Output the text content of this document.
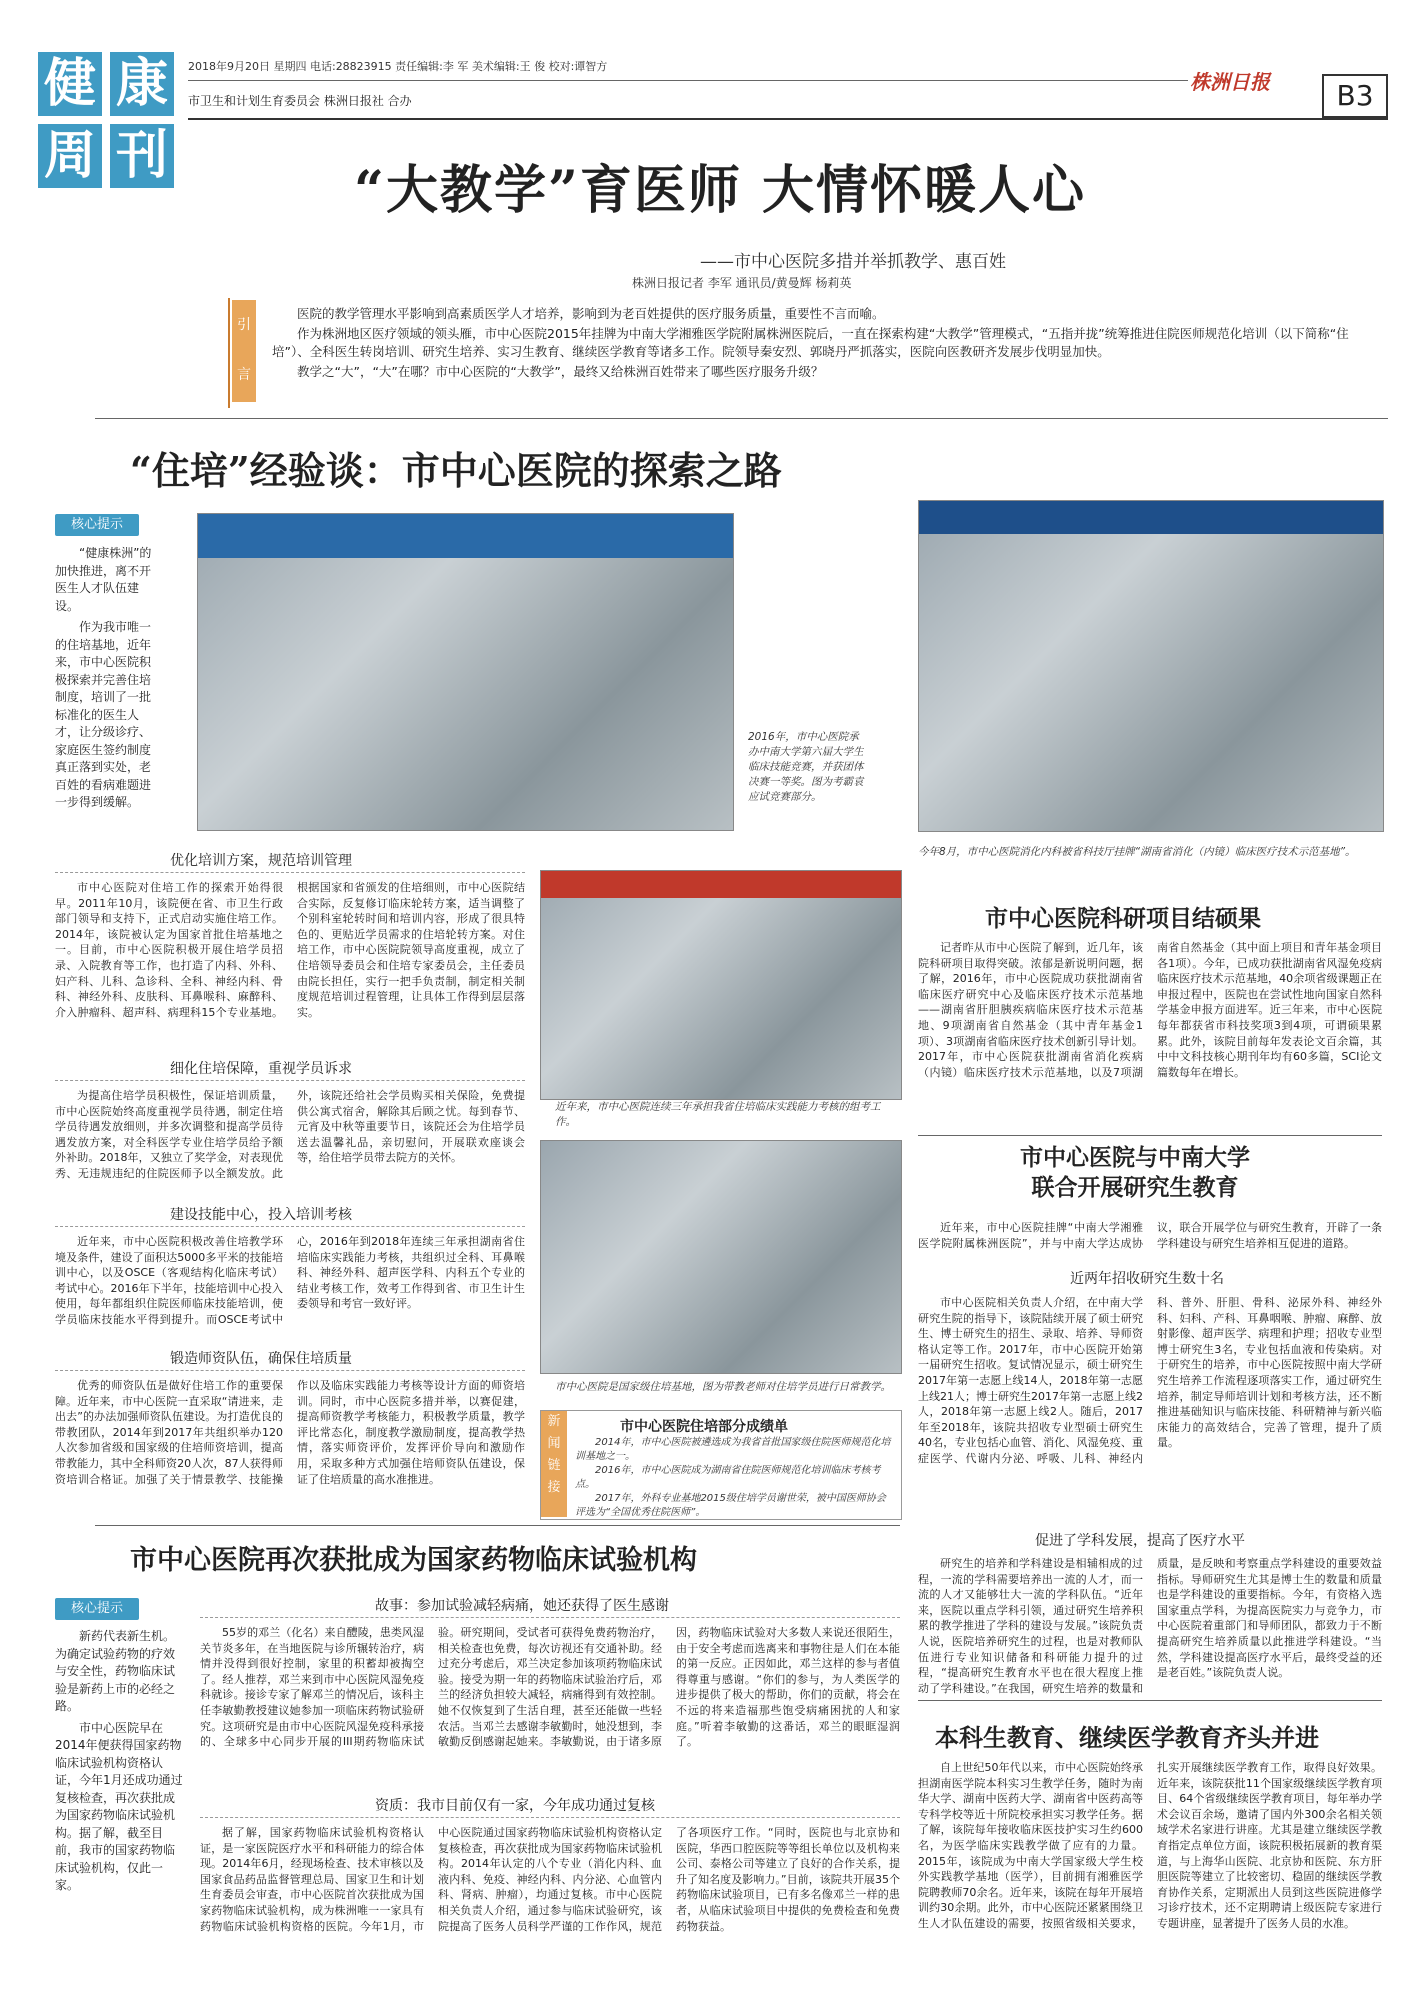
健 康
周 刊
2018年9月20日 星期四 电话:28823915 责任编辑:李 军 美术编辑:王 俊 校对:谭智方
市卫生和计划生育委员会 株洲日报社 合办
株洲日报	B3
“大教学”育医师 大情怀暖人心
——市中心医院多措并举抓教学、惠百姓
株洲日报记者 李军 通讯员/黄曼辉 杨莉英
引
言

医院的教学管理水平影响到高素质医学人才培养，影响到为老百姓提供的医疗服务质量，重要性不言而喻。

作为株洲地区医疗领域的领头雁，市中心医院2015年挂牌为中南大学湘雅医学院附属株洲医院后，一直在探索构建“大教学”管理模式，“五指并拢”统筹推进住院医师规范化培训（以下简称“住培”）、全科医生转岗培训、研究生培养、实习生教育、继续医学教育等诸多工作。院领导秦安烈、郭晓丹严抓落实，医院向医教研齐发展步伐明显加快。

教学之“大”，“大”在哪？市中心医院的“大教学”，最终又给株洲百姓带来了哪些医疗服务升级？

“住培”经验谈：市中心医院的探索之路
核心提示

“健康株洲”的加快推进，离不开医生人才队伍建设。

作为我市唯一的住培基地，近年来，市中心医院积极探索并完善住培制度，培训了一批标准化的医生人才，让分级诊疗、家庭医生签约制度真正落到实处，老百姓的看病难题进一步得到缓解。

2016年，市中心医院承办中南大学第六届大学生临床技能竞赛，并获团体决赛一等奖。图为考霸袁应试竞赛部分。
今年8月，市中心医院消化内科被省科技厅挂牌“湖南省消化（内镜）临床医疗技术示范基地”。
优化培训方案，规范培训管理

市中心医院对住培工作的探索开始得很早。2011年10月，该院便在省、市卫生行政部门领导和支持下，正式启动实施住培工作。2014年，该院被认定为国家首批住培基地之一。目前，市中心医院积极开展住培学员招录、入院教育等工作，也打造了内科、外科、妇产科、儿科、急诊科、全科、神经内科、骨科、神经外科、皮肤科、耳鼻喉科、麻醉科、介入肿瘤科、超声科、病理科15个专业基地。根据国家和省颁发的住培细则，市中心医院结合实际，反复修订临床轮转方案，适当调整了个别科室轮转时间和培训内容，形成了很具特色的、更贴近学员需求的住培轮转方案。对住培工作，市中心医院院领导高度重视，成立了住培领导委员会和住培专家委员会，主任委员由院长担任，实行一把手负责制，制定相关制度规范培训过程管理，让具体工作得到层层落实。

细化住培保障，重视学员诉求

为提高住培学员积极性，保证培训质量，市中心医院始终高度重视学员待遇，制定住培学员待遇发放细则，并多次调整和提高学员待遇发放方案，对全科医学专业住培学员给予额外补助。2018年，又独立了奖学金，对表现优秀、无违规违纪的住院医师予以全额发放。此外，该院还给社会学员购买相关保险，免费提供公寓式宿舍，解除其后顾之忧。每到春节、元宵及中秋等重要节日，该院还会为住培学员送去温馨礼品，亲切慰问，开展联欢座谈会等，给住培学员带去院方的关怀。

建设技能中心，投入培训考核

近年来，市中心医院积极改善住培教学环境及条件，建设了面积达5000多平米的技能培训中心，以及OSCE（客观结构化临床考试）考试中心。2016年下半年，技能培训中心投入使用，每年都组织住院医师临床技能培训，使学员临床技能水平得到提升。而OSCE考试中心，2016年到2018年连续三年承担湖南省住培临床实践能力考核，共组织过全科、耳鼻喉科、神经外科、超声医学科、内科五个专业的结业考核工作，效考工作得到省、市卫生计生委领导和考官一致好评。

锻造师资队伍，确保住培质量

优秀的师资队伍是做好住培工作的重要保障。近年来，市中心医院一直采取“请进来，走出去”的办法加强师资队伍建设。为打造优良的带教团队，2014年到2017年共组织举办120人次参加省级和国家级的住培师资培训，提高带教能力，其中全科师资20人次，87人获得师资培训合格证。加强了关于情景教学、技能操作以及临床实践能力考核等设计方面的师资培训。同时，市中心医院多措并举，以赛促建，提高师资教学考核能力，积极教学质量，教学评比常态化，制度教学激励制度，提高教学热情，落实师资评价，发挥评价导向和激励作用，采取多种方式加强住培师资队伍建设，保证了住培质量的高水准推进。

近年来，市中心医院连续三年承担我省住培临床实践能力考核的组考工作。
市中心医院是国家级住培基地，图为带教老师对住培学员进行日常教学。
新
闻
链
接
市中心医院住培部分成绩单
2014年，市中心医院被遴选成为我省首批国家级住院医师规范化培训基地之一。
2016年，市中心医院成为湖南省住院医师规范化培训临床考核考点。
2017年，外科专业基地2015级住培学员谢世荣，被中国医师协会评选为“全国优秀住院医师”。
市中心医院科研项目结硕果

记者昨从市中心医院了解到，近几年，该院科研项目取得突破。浓郁是新说明问题，据了解，2016年，市中心医院成功获批湖南省临床医疗研究中心及临床医疗技术示范基地——湖南省肝胆胰疾病临床医疗技术示范基地、9项湖南省自然基金（其中青年基金1项）、3项湖南省临床医疗技术创新引导计划。2017年，市中心医院获批湖南省消化疾病（内镜）临床医疗技术示范基地，以及7项湖南省自然基金（其中面上项目和青年基金项目各1项）。今年，已成功获批湖南省风湿免疫病临床医疗技术示范基地，40余项省级课题正在申报过程中，医院也在尝试性地向国家自然科学基金申报方面进军。近三年来，市中心医院每年都获省市科技奖项3到4项，可谓硕果累累。此外，该院目前每年发表论文百余篇，其中中文科技核心期刊年均有60多篇，SCI论文篇数每年在增长。

市中心医院与中南大学
联合开展研究生教育

近年来，市中心医院挂牌“中南大学湘雅医学院附属株洲医院”，并与中南大学达成协议，联合开展学位与研究生教育，开辟了一条学科建设与研究生培养相互促进的道路。

近两年招收研究生数十名

市中心医院相关负责人介绍，在中南大学研究生院的指导下，该院陆续开展了硕士研究生、博士研究生的招生、录取、培养、导师资格认定等工作。2017年，市中心医院开始第一届研究生招收。复试情况显示，硕士研究生2017年第一志愿上线14人，2018年第一志愿上线21人；博士研究生2017年第一志愿上线2人，2018年第一志愿上线2人。随后，2017年至2018年，该院共招收专业型硕士研究生40名，专业包括心血管、消化、风湿免疫、重症医学、代谢内分泌、呼吸、儿科、神经内科、普外、肝胆、骨科、泌尿外科、神经外科、妇科、产科、耳鼻咽喉、肿瘤、麻醉、放射影像、超声医学、病理和护理；招收专业型博士研究生3名，专业包括血液和传染病。对于研究生的培养，市中心医院按照中南大学研究生培养工作流程逐项落实工作，通过研究生培养，制定导师培训计划和考核方法，还不断推进基础知识与临床技能、科研精神与新兴临床能力的高效结合，完善了管理，提升了质量。

促进了学科发展，提高了医疗水平

研究生的培养和学科建设是相辅相成的过程，一流的学科需要培养出一流的人才，而一流的人才又能够壮大一流的学科队伍。“近年来，医院以重点学科引领，通过研究生培养积累的教学推进了学科的建设与发展。”该院负责人说，医院培养研究生的过程，也是对教师队伍进行专业知识储备和科研能力提升的过程，“提高研究生教育水平也在很大程度上推动了学科建设。”在我国，研究生培养的数量和质量，是反映和考察重点学科建设的重要效益指标。导师研究生尤其是博士生的数量和质量也是学科建设的重要指标。今年，有资格入选国家重点学科，为提高医院实力与竞争力，市中心医院着重部门和导师团队，都致力于不断提高研究生培养质量以此推进学科建设。“当然，学科建设提高医疗水平后，最终受益的还是老百姓。”该院负责人说。

市中心医院再次获批成为国家药物临床试验机构
核心提示

新药代表新生机。为确定试验药物的疗效与安全性，药物临床试验是新药上市的必经之路。

市中心医院早在2014年便获得国家药物临床试验机构资格认证，今年1月还成功通过复核检查，再次获批成为国家药物临床试验机构。据了解，截至目前，我市的国家药物临床试验机构，仅此一家。

故事：参加试验减轻病痛，她还获得了医生感谢

55岁的邓兰（化名）来自醴陵，患类风湿关节炎多年，在当地医院与诊所辗转治疗，病情并没得到很好控制，家里的积蓄却被掏空了。经人推荐，邓兰来到市中心医院风湿免疫科就诊。接诊专家了解邓兰的情况后，该科主任李敏勤教授建议她参加一项临床药物试验研究。这项研究是由市中心医院风湿免疫科承接的、全球多中心同步开展的III期药物临床试验。研究期间，受试者可获得免费药物治疗，相关检查也免费，每次访视还有交通补助。经过充分考虑后，邓兰决定参加该项药物临床试验。接受为期一年的药物临床试验治疗后，邓兰的经济负担较大减轻，病痛得到有效控制。她不仅恢复到了生活自理，甚至还能做一些轻农活。当邓兰去感谢李敏勤时，她没想到，李敏勤反倒感谢起她来。李敏勤说，由于诸多原因，药物临床试验对大多数人来说还很陌生，由于安全考虑而选离来和事物往是人们在本能的第一反应。正因如此，邓兰这样的参与者值得尊重与感谢。“你们的参与，为人类医学的进步提供了极大的帮助，你们的贡献，将会在不远的将来造福那些饱受病痛困扰的人和家庭。”听着李敏勤的这番话，邓兰的眼眶湿润了。

资质：我市目前仅有一家，今年成功通过复核

据了解，国家药物临床试验机构资格认证，是一家医院医疗水平和科研能力的综合体现。2014年6月，经现场检查、技术审核以及国家食品药品监督管理总局、国家卫生和计划生育委员会审查，市中心医院首次获批成为国家药物临床试验机构，成为株洲唯一一家具有药物临床试验机构资格的医院。今年1月，市中心医院通过国家药物临床试验机构资格认定复核检查，再次获批成为国家药物临床试验机构。2014年认定的八个专业（消化内科、血液内科、免疫、神经内科、内分泌、心血管内科、肾病、肿瘤），均通过复核。市中心医院相关负责人介绍，通过参与临床试验研究，该院提高了医务人员科学严谨的工作作风，规范了各项医疗工作。“同时，医院也与北京协和医院，华西口腔医院等等组长单位以及机构来公司、泰格公司等建立了良好的合作关系，提升了知名度及影响力。”目前，该院共开展35个药物临床试验项目，已有多名像邓兰一样的患者，从临床试验项目中提供的免费检查和免费药物获益。

本科生教育、继续医学教育齐头并进

自上世纪50年代以来，市中心医院始终承担湖南医学院本科实习生教学任务，随时为南华大学、湖南中医药大学、湖南省中医药高等专科学校等近十所院校承担实习教学任务。据了解，该院每年接收临床医技护实习生约600名，为医学临床实践教学做了应有的力量。2015年，该院成为中南大学国家级大学生校外实践教学基地（医学），目前拥有湘雅医学院聘教师70余名。近年来，该院在每年开展培训约30余期。此外，市中心医院还紧紧围绕卫生人才队伍建设的需要，按照省级相关要求，扎实开展继续医学教育工作，取得良好效果。近年来，该院获批11个国家级继续医学教育项目、64个省级继续医学教育项目，每年举办学术会议百余场，邀请了国内外300余名相关领域学术名家进行讲座。尤其是建立继续医学教育指定点单位方面，该院积极拓展新的教育渠道，与上海华山医院、北京协和医院、东方肝胆医院等建立了比较密切、稳固的继续医学教育协作关系，定期派出人员到这些医院进修学习诊疗技术，还不定期聘请上级医院专家进行专题讲座，显著提升了医务人员的水准。
